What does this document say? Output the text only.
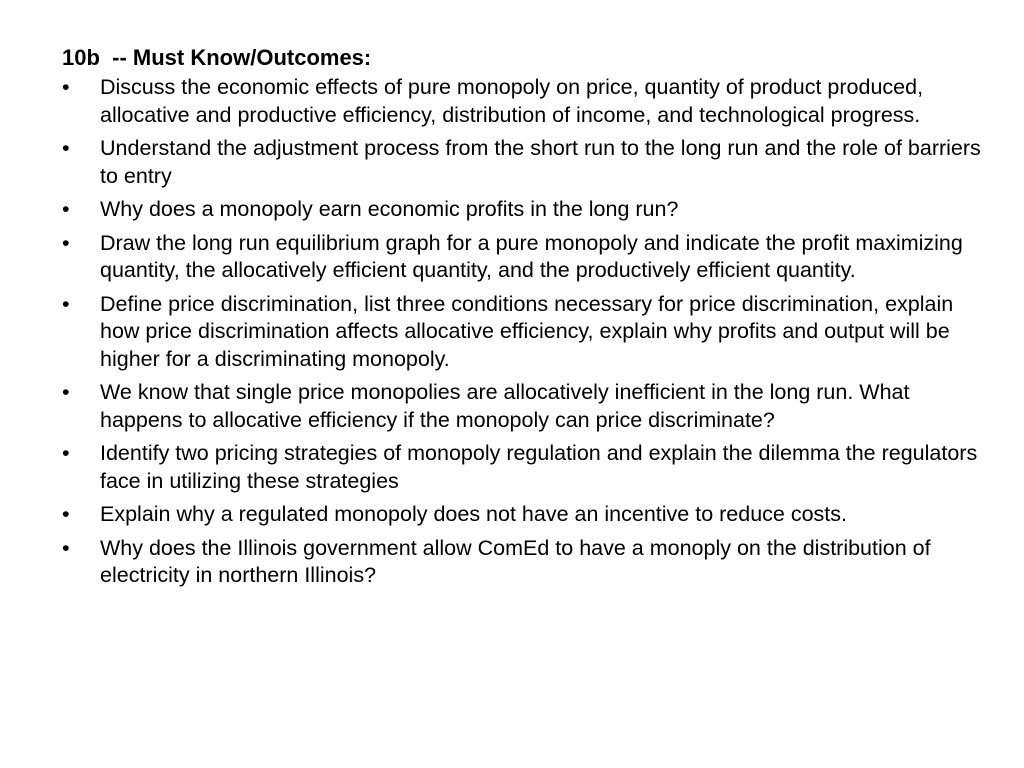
10b  -- Must Know/Outcomes:
•	Discuss the economic effects of pure monopoly on price, quantity of product produced, allocative and productive efficiency, distribution of income, and technological progress.
•	Understand the adjustment process from the short run to the long run and the role of barriers to entry
•	Why does a monopoly earn economic profits in the long run?
•	Draw the long run equilibrium graph for a pure monopoly and indicate the profit maximizing quantity, the allocatively efficient quantity, and the productively efficient quantity.
•	Define price discrimination, list three conditions necessary for price discrimination, explain how price discrimination affects allocative efficiency, explain why profits and output will be higher for a discriminating monopoly.
•	We know that single price monopolies are allocatively inefficient in the long run. What happens to allocative efficiency if the monopoly can price discriminate?
•	Identify two pricing strategies of monopoly regulation and explain the dilemma the regulators face in utilizing these strategies
•	Explain why a regulated monopoly does not have an incentive to reduce costs.
•	Why does the Illinois government allow ComEd to have a monoply on the distribution of electricity in northern Illinois?
